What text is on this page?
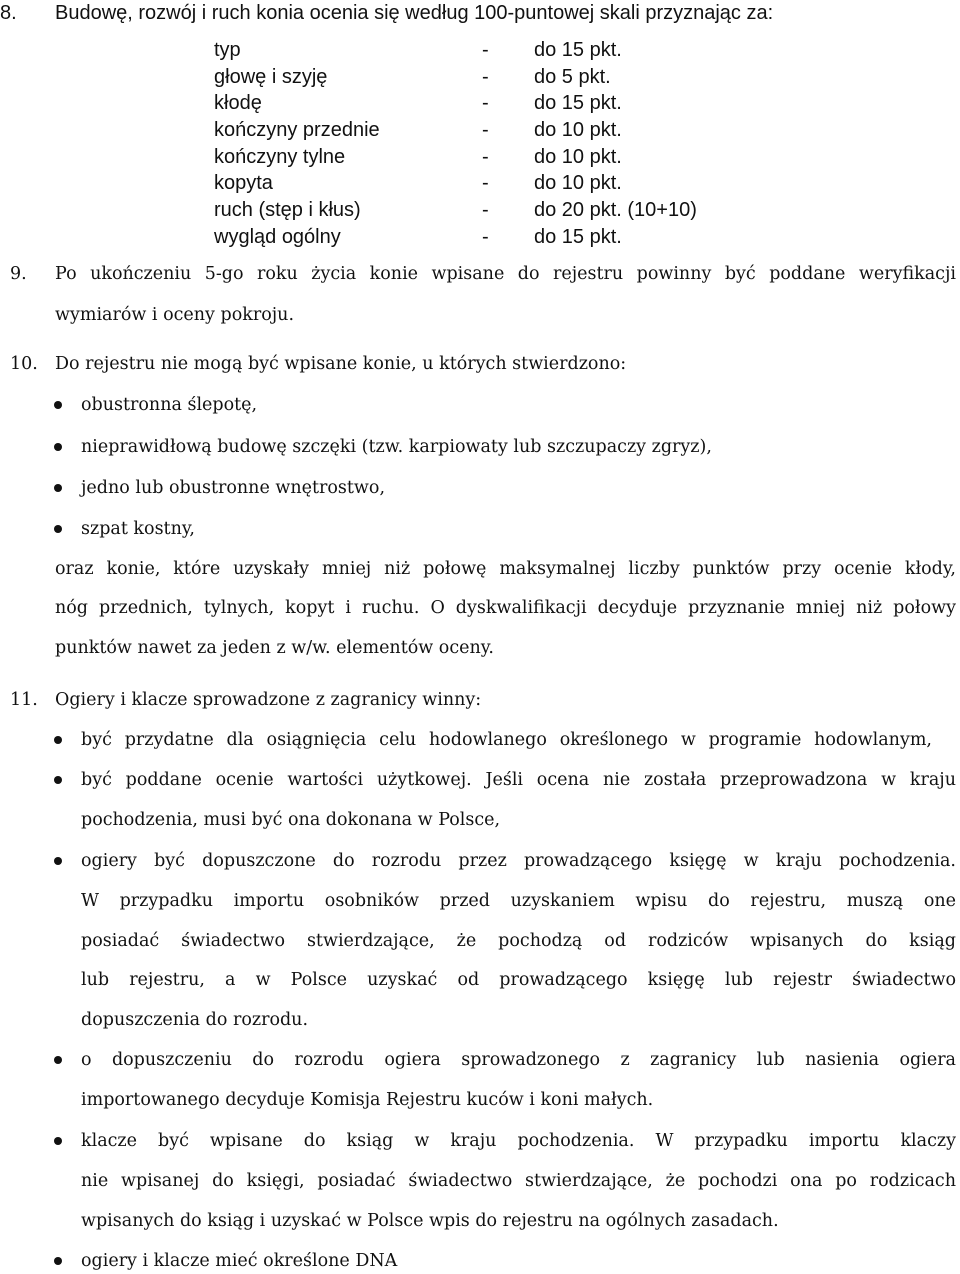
8. Budowę, rozwój i ruch konia ocenia się według 100-puntowej skali przyznając za:
typ	- do 15 pkt.
głowę i szyję	- do 5 pkt.
kłodę	- do 15 pkt.
kończyny przednie	- do 10 pkt.
kończyny tylne	- do 10 pkt.
kopyta	- do 10 pkt.
ruch (stęp i kłus)	- do 20 pkt. (10+10)
wygląd ogólny	- do 15 pkt.
9. Po ukończeniu 5-go roku życia konie wpisane do rejestru powinny być poddane weryfikacji
wymiarów i oceny pokroju.
10. Do rejestru nie mogą być wpisane konie, u których stwierdzono:
obustronna ślepotę,
nieprawidłową budowę szczęki (tzw. karpiowaty lub szczupaczy zgryz),
jedno lub obustronne wnętrostwo,
szpat kostny,
oraz konie, które uzyskały mniej niż połowę maksymalnej liczby punktów przy ocenie kłody,
nóg przednich, tylnych, kopyt i ruchu. O dyskwalifikacji decyduje przyznanie mniej niż połowy
punktów nawet za jeden z w/w. elementów oceny.
11. Ogiery i klacze sprowadzone z zagranicy winny:
być przydatne dla osiągnięcia celu hodowlanego określonego w programie hodowlanym,
być poddane ocenie wartości użytkowej. Jeśli ocena nie została przeprowadzona w kraju
pochodzenia, musi być ona dokonana w Polsce,
ogiery być dopuszczone do rozrodu przez prowadzącego księgę w kraju pochodzenia.
W przypadku importu osobników przed uzyskaniem wpisu do rejestru, muszą one
posiadać świadectwo stwierdzające, że pochodzą od rodziców wpisanych do ksiąg
lub rejestru, a w Polsce uzyskać od prowadzącego księgę lub rejestr świadectwo
dopuszczenia do rozrodu.
o dopuszczeniu do rozrodu ogiera sprowadzonego z zagranicy lub nasienia ogiera
importowanego decyduje Komisja Rejestru kuców i koni małych.
klacze być wpisane do ksiąg w kraju pochodzenia. W przypadku importu klaczy
nie wpisanej do księgi, posiadać świadectwo stwierdzające, że pochodzi ona po rodzicach
wpisanych do ksiąg i uzyskać w Polsce wpis do rejestru na ogólnych zasadach.
ogiery i klacze mieć określone DNA
